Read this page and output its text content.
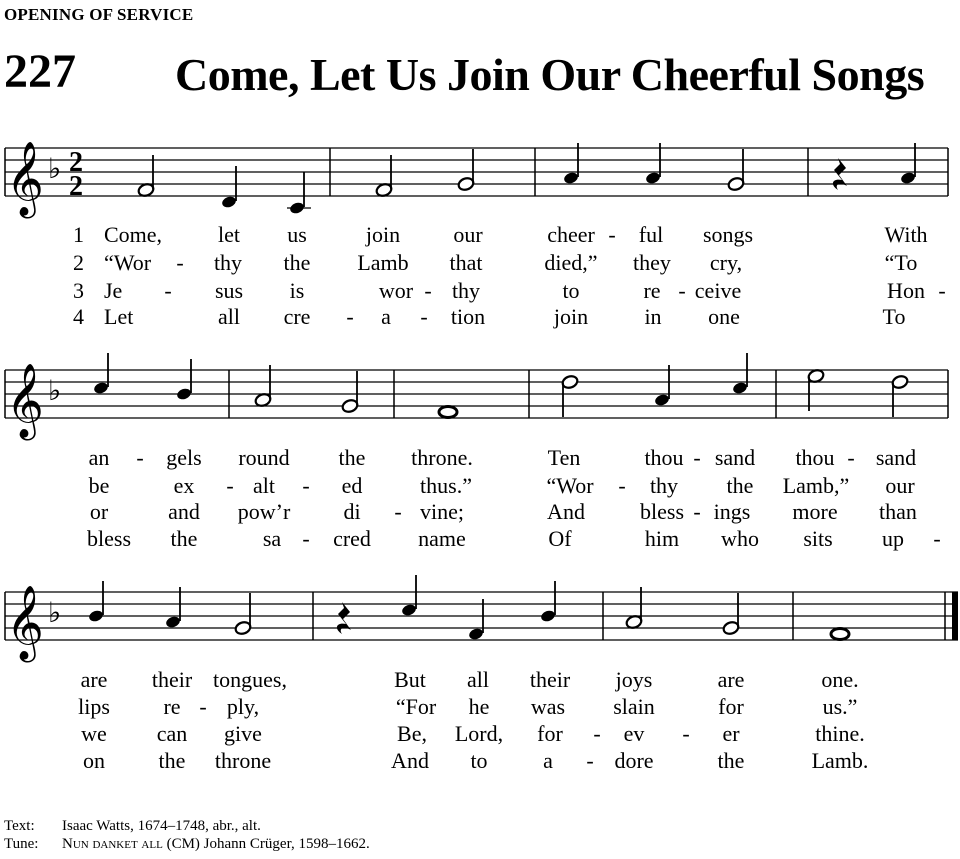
OPENING OF SERVICE
227 Come, Let Us Join Our Cheerful Songs
𝄞 ♭ 2
2
1 Come,	let us	join our	cheer - ful songs	With
2 “Wor - thy the Lamb that	died,” they cry,	“To
3 Je - sus is	wor - thy	to	re - ceive	Hon -
4 Let	all cre - a - tion	join	in one	To
𝄞 ♭
an - gels round the throne.	Ten	thou - sand thou - sand
be	ex - alt - ed	thus.”	“Wor - thy the Lamb,” our
or	and pow’r di - vine;	And	bless - ings more than
bless the	sa - cred name	Of	him who sits up -
𝄞 ♭
are their tongues,	But all their joys	are	one.
lips re - ply,	“For he was slain	for	us.”
we can give	Be, Lord, for - ev - er	thine.
on the throne	And to	a - dore	the	Lamb.
Text: Isaac Watts, 1674–1748, abr., alt.
Tune: Nun danket all (CM) Johann Crüger, 1598–1662.
